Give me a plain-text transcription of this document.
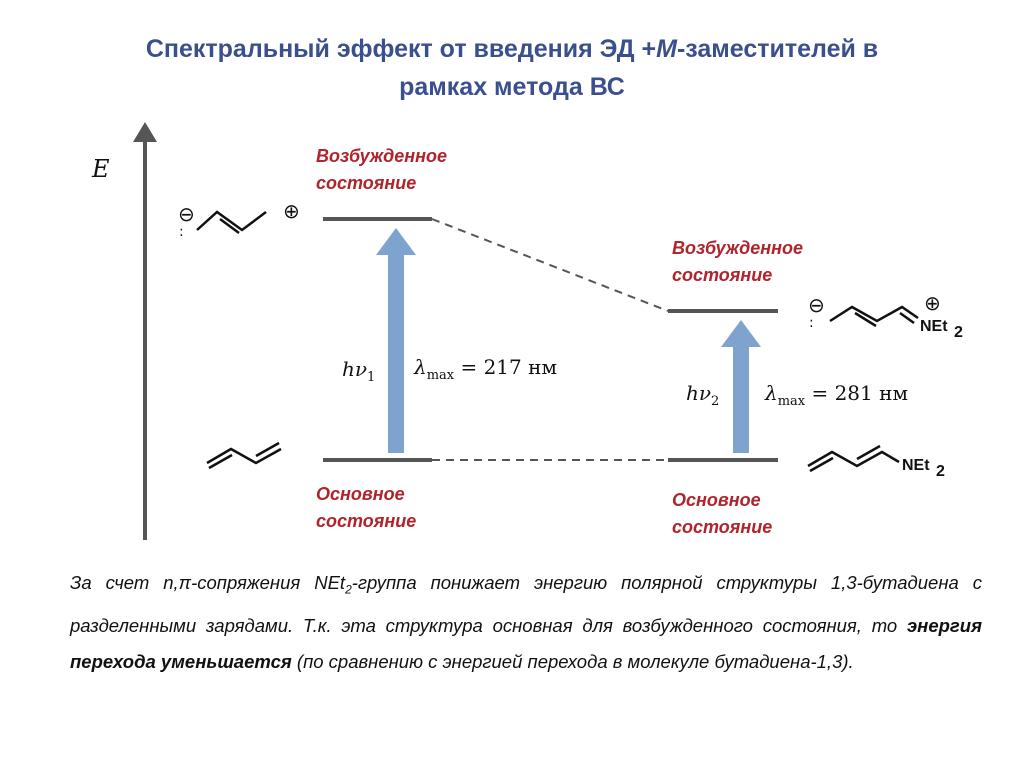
Спектральный эффект от введения ЭД +M-заместителей в
рамках метода ВС
⊖
:
⊕
⊖
:
⊕
NEt 2
NEt 2
E	Возбужденное
состояние
Основное
состояние
$h\nu_1$ $\lambda_{max} = 217$ нм
Возбужденное
состояние
Основное
состояние
$h\nu_2$ $\lambda_{max} = 281$ нм
За счет n,π-сопряжения NEt$_2$-группа понижает энергию полярной структуры 1,3-бутадиена с разделенными зарядами. Т.к. эта структура основная для возбужденного состояния, то энергия перехода уменьшается (по сравнению с энергией перехода в молекуле бутадиена-1,3).
